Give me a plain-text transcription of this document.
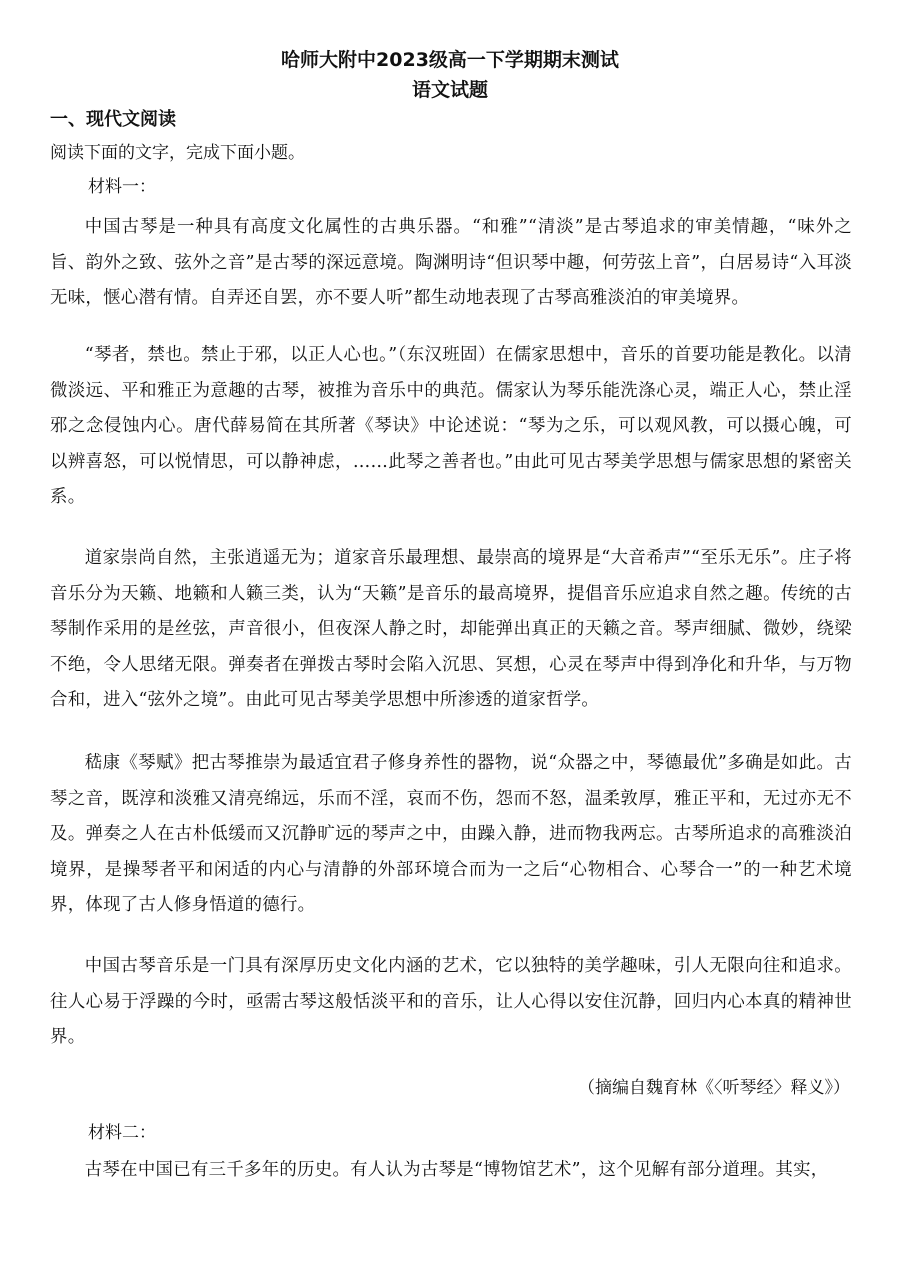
哈师大附中2023级高一下学期期末测试
语文试题
一、现代文阅读
阅读下面的文字，完成下面小题。
材料一：

中国古琴是一种具有高度文化属性的古典乐器。“和雅”“清淡”是古琴追求的审美情趣，“味外之旨、韵外之致、弦外之音”是古琴的深远意境。陶渊明诗“但识琴中趣，何劳弦上音”，白居易诗“入耳淡无味，惬心潜有情。自弄还自罢，亦不要人听”都生动地表现了古琴高雅淡泊的审美境界。

“琴者，禁也。禁止于邪，以正人心也。”（东汉班固）在儒家思想中，音乐的首要功能是教化。以清微淡远、平和雅正为意趣的古琴，被推为音乐中的典范。儒家认为琴乐能洗涤心灵，端正人心，禁止淫邪之念侵蚀内心。唐代薛易简在其所著《琴诀》中论述说：“琴为之乐，可以观风教，可以摄心魄，可以辨喜怒，可以悦情思，可以静神虑，……此琴之善者也。”由此可见古琴美学思想与儒家思想的紧密关系。

道家崇尚自然，主张逍遥无为；道家音乐最理想、最崇高的境界是“大音希声”“至乐无乐”。庄子将音乐分为天籁、地籁和人籁三类，认为“天籁”是音乐的最高境界，提倡音乐应追求自然之趣。传统的古琴制作采用的是丝弦，声音很小，但夜深人静之时，却能弹出真正的天籁之音。琴声细腻、微妙，绕梁不绝，令人思绪无限。弹奏者在弹拨古琴时会陷入沉思、冥想，心灵在琴声中得到净化和升华，与万物合和，进入“弦外之境”。由此可见古琴美学思想中所渗透的道家哲学。

嵇康《琴赋》把古琴推崇为最适宜君子修身养性的器物，说“众器之中，琴德最优”多确是如此。古琴之音，既淳和淡雅又清亮绵远，乐而不淫，哀而不伤，怨而不怒，温柔敦厚，雅正平和，无过亦无不及。弹奏之人在古朴低缓而又沉静旷远的琴声之中，由躁入静，进而物我两忘。古琴所追求的高雅淡泊境界，是操琴者平和闲适的内心与清静的外部环境合而为一之后“心物相合、心琴合一”的一种艺术境界，体现了古人修身悟道的德行。

中国古琴音乐是一门具有深厚历史文化内涵的艺术，它以独特的美学趣味，引人无限向往和追求。往人心易于浮躁的今时，亟需古琴这般恬淡平和的音乐，让人心得以安住沉静，回归内心本真的精神世界。

（摘编自魏育林《〈听琴经〉释义》）
材料二：

古琴在中国已有三千多年的历史。有人认为古琴是“博物馆艺术”，这个见解有部分道理。其实，
